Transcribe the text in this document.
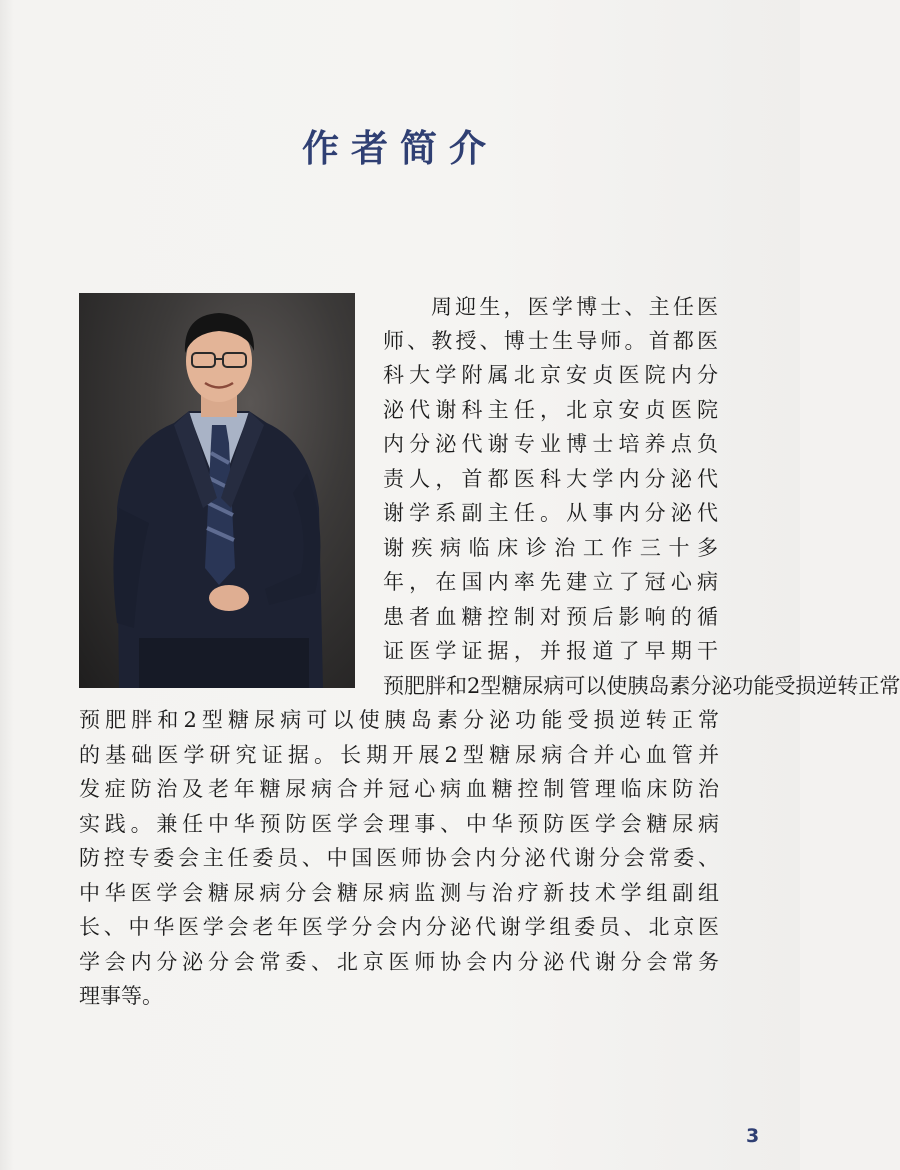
作者简介
周迎生，医学博士、主任医
师、教授、博士生导师。首都医
科大学附属北京安贞医院内分
泌代谢科主任，北京安贞医院
内分泌代谢专业博士培养点负
责人，首都医科大学内分泌代
谢学系副主任。从事内分泌代
谢疾病临床诊治工作三十多
年，在国内率先建立了冠心病
患者血糖控制对预后影响的循
证医学证据，并报道了早期干
预肥胖和2型糖尿病可以使胰岛素分泌功能受损逆转正常
预肥胖和2型糖尿病可以使胰岛素分泌功能受损逆转正常
的基础医学研究证据。长期开展2型糖尿病合并心血管并
发症防治及老年糖尿病合并冠心病血糖控制管理临床防治
实践。兼任中华预防医学会理事、中华预防医学会糖尿病
防控专委会主任委员、中国医师协会内分泌代谢分会常委、
中华医学会糖尿病分会糖尿病监测与治疗新技术学组副组
长、中华医学会老年医学分会内分泌代谢学组委员、北京医
学会内分泌分会常委、北京医师协会内分泌代谢分会常务
理事等。
3
